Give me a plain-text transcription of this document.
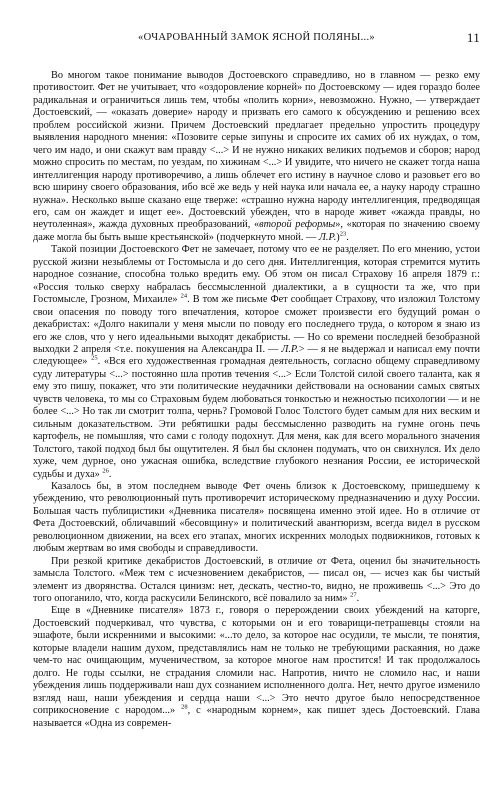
«ОЧАРОВАННЫЙ ЗАМОК ЯСНОЙ ПОЛЯНЫ...»	11

Во многом такое понимание выводов Достоевского справедливо, но в главном — резко ему противостоит. Фет не учитывает, что «оздоровление корней» по Достоевскому — идея гораздо более радикальная и ограничиться лишь тем, чтобы «полить корни», невозможно. Нужно, — утверждает Достоевский, — «оказать доверие» народу и призвать его самого к обсуждению и решению всех проблем российской жизни. Причем Достоевский предлагает предельно упростить процедуру выявления народного мнения: «Позовите серые зипуны и спросите их самих об их нуждах, о том, чего им надо, и они скажут вам правду <...> И не нужно никаких великих подъемов и сборов; народ можно спросить по местам, по уездам, по хижинам <...> И увидите, что ничего не скажет тогда наша интеллигенция народу противоречиво, а лишь облечет его истину в научное слово и разовьет его во всю ширину своего образования, ибо всё же ведь у ней наука или начала ее, а науку народу страшно нужна». Несколько выше сказано еще тверже: «страшно нужна народу интеллигенция, предводящая его, сам он жаждет и ищет ее». Достоевский убежден, что в народе живет «жажда правды, но неутоленная», жажда духовных преобразований, «второй реформы», «которая по значению своему даже могла бы быть выше крестьянской» (подчеркнуто мной. — Л.Р.)$^{23}$.

Такой позиции Достоевского Фет не замечает, потому что ее не разделяет. По его мнению, устои русской жизни незыблемы от Гостомысла и до сего дня. Интеллигенция, которая стремится мутить народное сознание, способна только вредить ему. Об этом он писал Страхову 16 апреля 1879 г.: «Россия только сверху набралась бессмысленной диалектики, а в сущности та же, что при Гостомысле, Грозном, Михаиле» $^{24}$. В том же письме Фет сообщает Страхову, что изложил Толстому свои опасения по поводу того впечатления, которое сможет произвести его будущий роман о декабристах: «Долго накипали у меня мысли по поводу его последнего труда, о котором я знаю из его же слов, что у него идеальными выходят декабристы. — Но со времени последней безобразной выходки 2 апреля <т.е. покушения на Александра II. — Л.Р.> — я не выдержал и написал ему почти следующее» $^{25}$. «Вся его художественная громадная деятельность, согласно общему справедливому суду литературы <...> постоянно шла против течения <...> Если Толстой силой своего таланта, как я ему это пишу, покажет, что эти политические неудачники действовали на основании самых святых чувств человека, то мы со Страховым будем любоваться тонкостью и нежностью психологии — и не более <...> Но так ли смотрит толпа, чернь? Громовой Голос Толстого будет самым для них веским и сильным доказательством. Эти ребятишки рады бессмысленно разводить на гумне огонь печь картофель, не помышляя, что сами с голоду подохнут. Для меня, как для всего морального значения Толстого, такой подход был бы ощутителен. Я был бы склонен подумать, что он свихнулся. Их дело хуже, чем дурное, оно ужасная ошибка, вследствие глубокого незнания России, ее исторической судьбы и духа» $^{26}$.

Казалось бы, в этом последнем выводе Фет очень близок к Достоевскому, пришедшему к убеждению, что революционный путь противоречит историческому предназначению и духу России. Большая часть публицистики «Дневника писателя» посвящена именно этой идее. Но в отличие от Фета Достоевский, обличавший «бесовщину» и политический авантюризм, всегда видел в русском революционном движении, на всех его этапах, многих искренних молодых подвижников, готовых к любым жертвам во имя свободы и справедливости.

При резкой критике декабристов Достоевский, в отличие от Фета, оценил бы значительность замысла Толстого. «Меж тем с исчезновением декабристов, — писал он, — исчез как бы чистый элемент из дворянства. Остался цинизм: нет, дескать, честно-то, видно, не проживешь <...> Это до того опоганило, что, когда раскусили Белинского, всё повалило за ним» $^{27}$.

Еще в «Дневнике писателя» 1873 г., говоря о перерождении своих убеждений на каторге, Достоевский подчеркивал, что чувства, с которыми он и его товарищи-петрашевцы стояли на эшафоте, были искренними и высокими: «...то дело, за которое нас осудили, те мысли, те понятия, которые владели нашим духом, представлялись нам не только не требующими раскаяния, но даже чем-то нас очищающим, мученичеством, за которое многое нам простится! И так продолжалось долго. Не годы ссылки, не страдания сломили нас. Напротив, ничто не сломило нас, и наши убеждения лишь поддерживали наш дух сознанием исполненного долга. Нет, нечто другое изменило взгляд наш, наши убеждения и сердца наши <...> Это нечто другое было непосредственное соприкосновение с народом...» $^{28}$, с «народным корнем», как пишет здесь Достоевский. Глава называется «Одна из современ-
